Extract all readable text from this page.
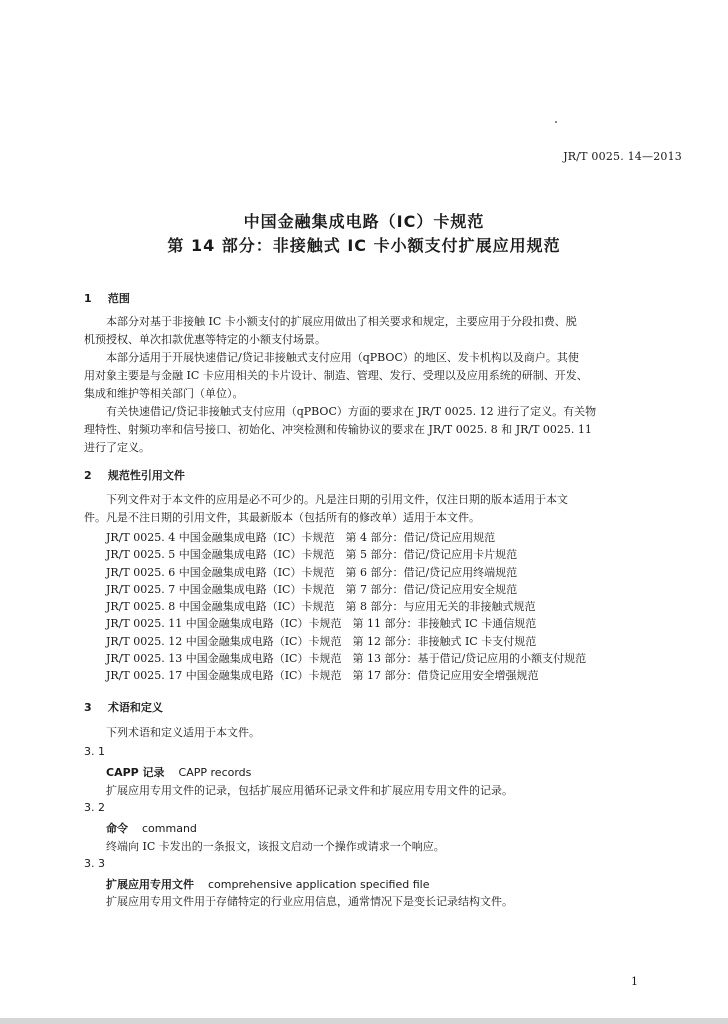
JR/T 0025. 14—2013
中国金融集成电路（IC）卡规范
第 14 部分：非接触式 IC 卡小额支付扩展应用规范
1 范围
本部分对基于非接触 IC 卡小额支付的扩展应用做出了相关要求和规定，主要应用于分段扣费、脱
机预授权、单次扣款优惠等特定的小额支付场景。
本部分适用于开展快速借记/贷记非接触式支付应用（qPBOC）的地区、发卡机构以及商户。其使
用对象主要是与金融 IC 卡应用相关的卡片设计、制造、管理、发行、受理以及应用系统的研制、开发、
集成和维护等相关部门（单位）。
有关快速借记/贷记非接触式支付应用（qPBOC）方面的要求在 JR/T 0025. 12 进行了定义。有关物
理特性、射频功率和信号接口、初始化、冲突检测和传输协议的要求在 JR/T 0025. 8 和 JR/T 0025. 11
进行了定义。
2 规范性引用文件
下列文件对于本文件的应用是必不可少的。凡是注日期的引用文件，仅注日期的版本适用于本文
件。凡是不注日期的引用文件，其最新版本（包括所有的修改单）适用于本文件。
JR/T 0025. 4 中国金融集成电路（IC）卡规范　第 4 部分：借记/贷记应用规范
JR/T 0025. 5 中国金融集成电路（IC）卡规范　第 5 部分：借记/贷记应用卡片规范
JR/T 0025. 6 中国金融集成电路（IC）卡规范　第 6 部分：借记/贷记应用终端规范
JR/T 0025. 7 中国金融集成电路（IC）卡规范　第 7 部分：借记/贷记应用安全规范
JR/T 0025. 8 中国金融集成电路（IC）卡规范　第 8 部分：与应用无关的非接触式规范
JR/T 0025. 11 中国金融集成电路（IC）卡规范　第 11 部分：非接触式 IC 卡通信规范
JR/T 0025. 12 中国金融集成电路（IC）卡规范　第 12 部分：非接触式 IC 卡支付规范
JR/T 0025. 13 中国金融集成电路（IC）卡规范　第 13 部分：基于借记/贷记应用的小额支付规范
JR/T 0025. 17 中国金融集成电路（IC）卡规范　第 17 部分：借贷记应用安全增强规范
3 术语和定义
下列术语和定义适用于本文件。
3. 1
CAPP 记录 CAPP records
扩展应用专用文件的记录，包括扩展应用循环记录文件和扩展应用专用文件的记录。
3. 2
命令 command
终端向 IC 卡发出的一条报文，该报文启动一个操作或请求一个响应。
3. 3
扩展应用专用文件 comprehensive application specified file
扩展应用专用文件用于存储特定的行业应用信息，通常情况下是变长记录结构文件。
1
